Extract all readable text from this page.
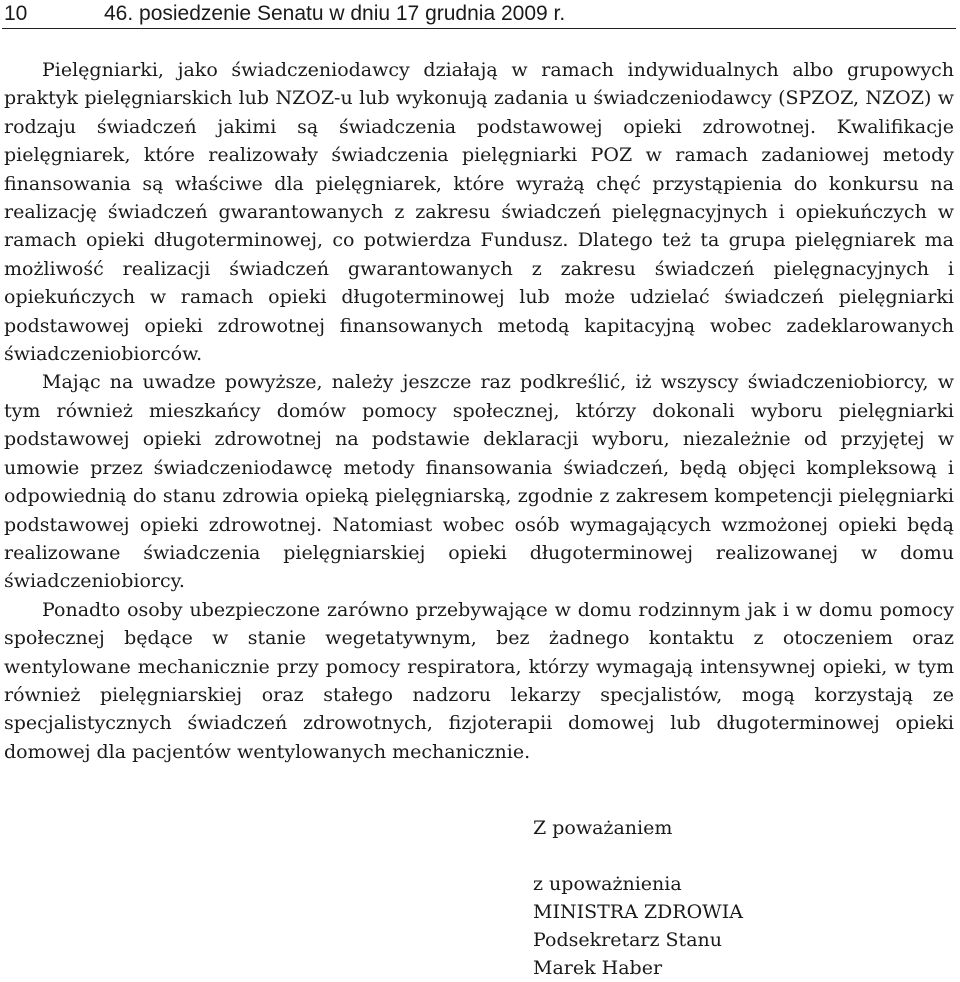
10	46. posiedzenie Senatu w dniu 17 grudnia 2009 r.

Pielęgniarki, jako świadczeniodawcy działają w ramach indywidualnych albo grupowych praktyk pielęgniarskich lub NZOZ-u lub wykonują zadania u świadczeniodawcy (SPZOZ, NZOZ) w rodzaju świadczeń jakimi są świadczenia podstawowej opieki zdrowotnej. Kwalifikacje pielęgniarek, które realizowały świadczenia pielęgniarki POZ w ramach zadaniowej metody finansowania są właściwe dla pielęgniarek, które wyrażą chęć przystąpienia do konkursu na realizację świadczeń gwarantowanych z zakresu świadczeń pielęgnacyjnych i opiekuńczych w ramach opieki długoterminowej, co potwierdza Fundusz. Dlatego też ta grupa pielęgniarek ma możliwość realizacji świadczeń gwarantowanych z zakresu świadczeń pielęgnacyjnych i opiekuńczych w ramach opieki długoterminowej lub może udzielać świadczeń pielęgniarki podstawowej opieki zdrowotnej finansowanych metodą kapitacyjną wobec zadeklarowanych świadczeniobiorców.

Mając na uwadze powyższe, należy jeszcze raz podkreślić, iż wszyscy świadczeniobiorcy, w tym również mieszkańcy domów pomocy społecznej, którzy dokonali wyboru pielęgniarki podstawowej opieki zdrowotnej na podstawie deklaracji wyboru, niezależnie od przyjętej w umowie przez świadczeniodawcę metody finansowania świadczeń, będą objęci kompleksową i odpowiednią do stanu zdrowia opieką pielęgniarską, zgodnie z zakresem kompetencji pielęgniarki podstawowej opieki zdrowotnej. Natomiast wobec osób wymagających wzmożonej opieki będą realizowane świadczenia pielęgniarskiej opieki długoterminowej realizowanej w domu świadczeniobiorcy.

Ponadto osoby ubezpieczone zarówno przebywające w domu rodzinnym jak i w domu pomocy społecznej będące w stanie wegetatywnym, bez żadnego kontaktu z otoczeniem oraz wentylowane mechanicznie przy pomocy respiratora, którzy wymagają intensywnej opieki, w tym również pielęgniarskiej oraz stałego nadzoru lekarzy specjalistów, mogą korzystają ze specjalistycznych świadczeń zdrowotnych, fizjoterapii domowej lub długoterminowej opieki domowej dla pacjentów wentylowanych mechanicznie.

Z poważaniem
z upoważnienia
MINISTRA ZDROWIA
Podsekretarz Stanu
Marek Haber
